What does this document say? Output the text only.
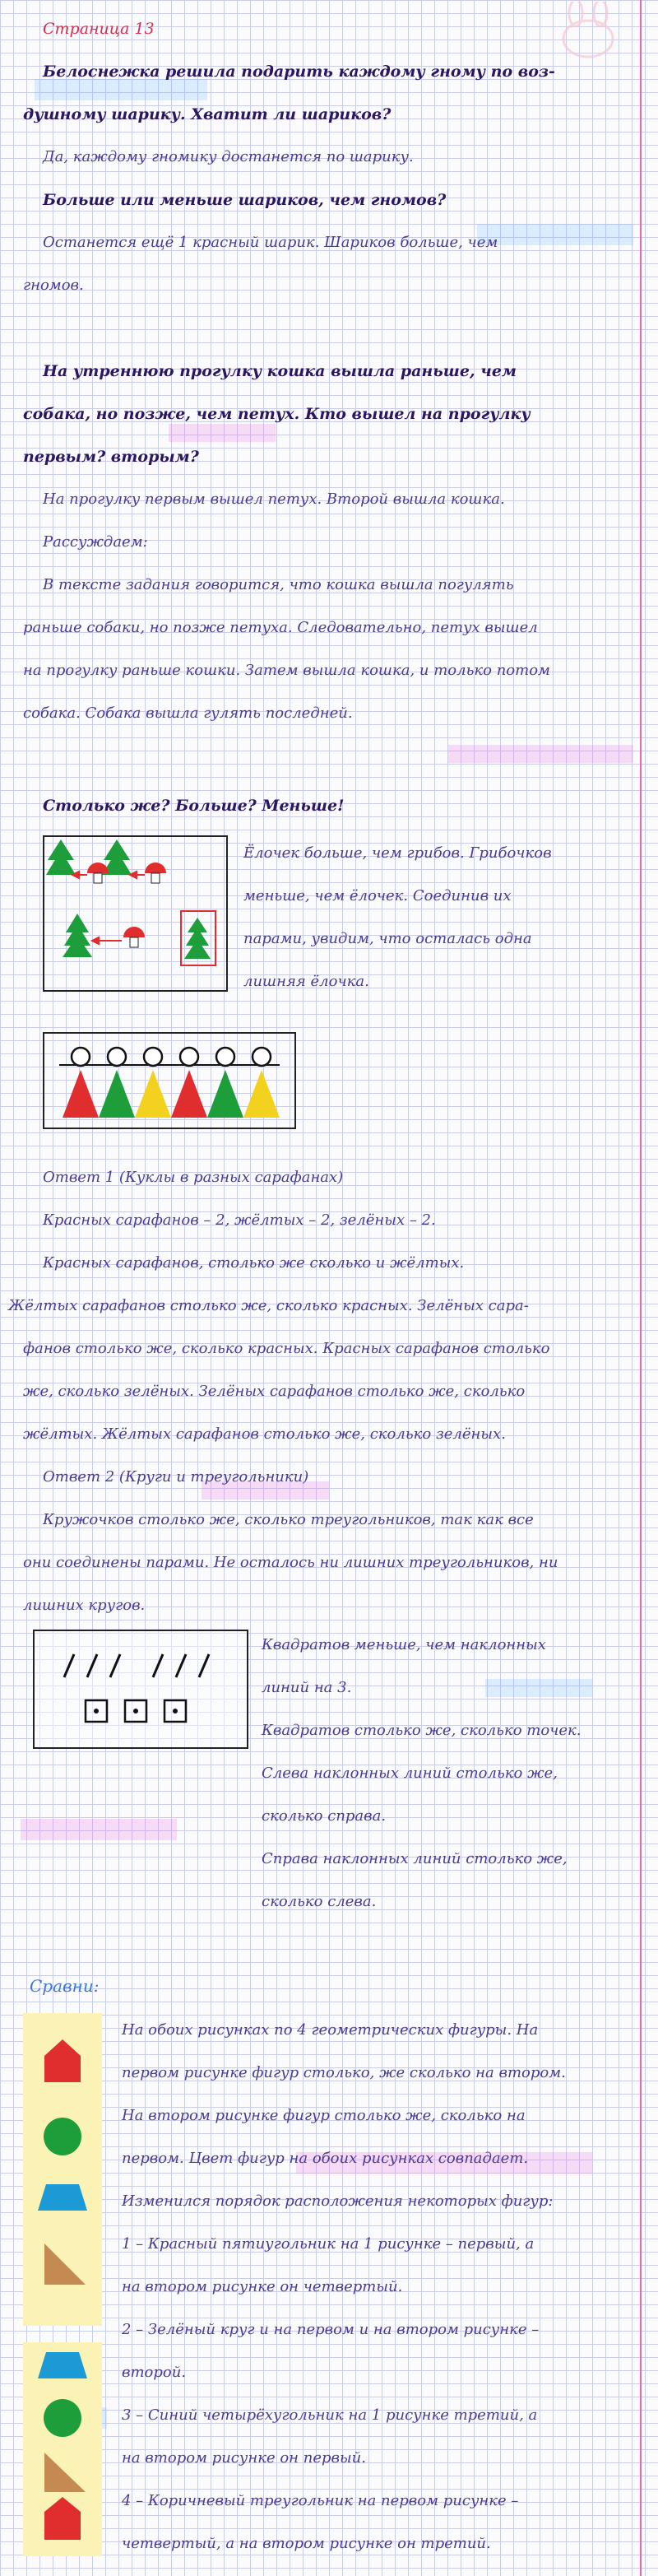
Страница 13
Белоснежка решила подарить каждому гному по воз-
душному шарику. Хватит ли шариков?
Да, каждому гномику достанется по шарику.
Больше или меньше шариков, чем гномов?
Останется ещё 1 красный шарик. Шариков больше, чем
гномов.
На утреннюю прогулку кошка вышла раньше, чем
собака, но позже, чем петух. Кто вышел на прогулку
первым? вторым?
На прогулку первым вышел петух. Второй вышла кошка.
Рассуждаем:
В тексте задания говорится, что кошка вышла погулять
раньше собаки, но позже петуха. Следовательно, петух вышел
на прогулку раньше кошки. Затем вышла кошка, и только потом
собака. Собака вышла гулять последней.
Столько же? Больше? Меньше!
Ёлочек больше, чем грибов. Грибочков
меньше, чем ёлочек. Соединив их
парами, увидим, что осталась одна
лишняя ёлочка.
Ответ 1 (Куклы в разных сарафанах)
Красных сарафанов – 2, жёлтых – 2, зелёных – 2.
Красных сарафанов, столько же сколько и жёлтых.
Жёлтых сарафанов столько же, сколько красных. Зелёных сара-
фанов столько же, сколько красных. Красных сарафанов столько
же, сколько зелёных. Зелёных сарафанов столько же, сколько
жёлтых. Жёлтых сарафанов столько же, сколько зелёных.
Ответ 2 (Круги и треугольники)
Кружочков столько же, сколько треугольников, так как все
они соединены парами. Не осталось ни лишних треугольников, ни
лишних кругов.
Квадратов меньше, чем наклонных
линий на 3.
Квадратов столько же, сколько точек.
Слева наклонных линий столько же,
сколько справа.
Справа наклонных линий столько же,
сколько слева.
Сравни:
На обоих рисунках по 4 геометрических фигуры. На
первом рисунке фигур столько, же сколько на втором.
На втором рисунке фигур столько же, сколько на
первом. Цвет фигур на обоих рисунках совпадает.
Изменился порядок расположения некоторых фигур:
1 – Красный пятиугольник на 1 рисунке – первый, а
на втором рисунке он четвертый.
2 – Зелёный круг и на первом и на втором рисунке –
второй.
3 – Синий четырёхугольник на 1 рисунке третий, а
на втором рисунке он первый.
4 – Коричневый треугольник на первом рисунке –
четвертый, а на втором рисунке он третий.
